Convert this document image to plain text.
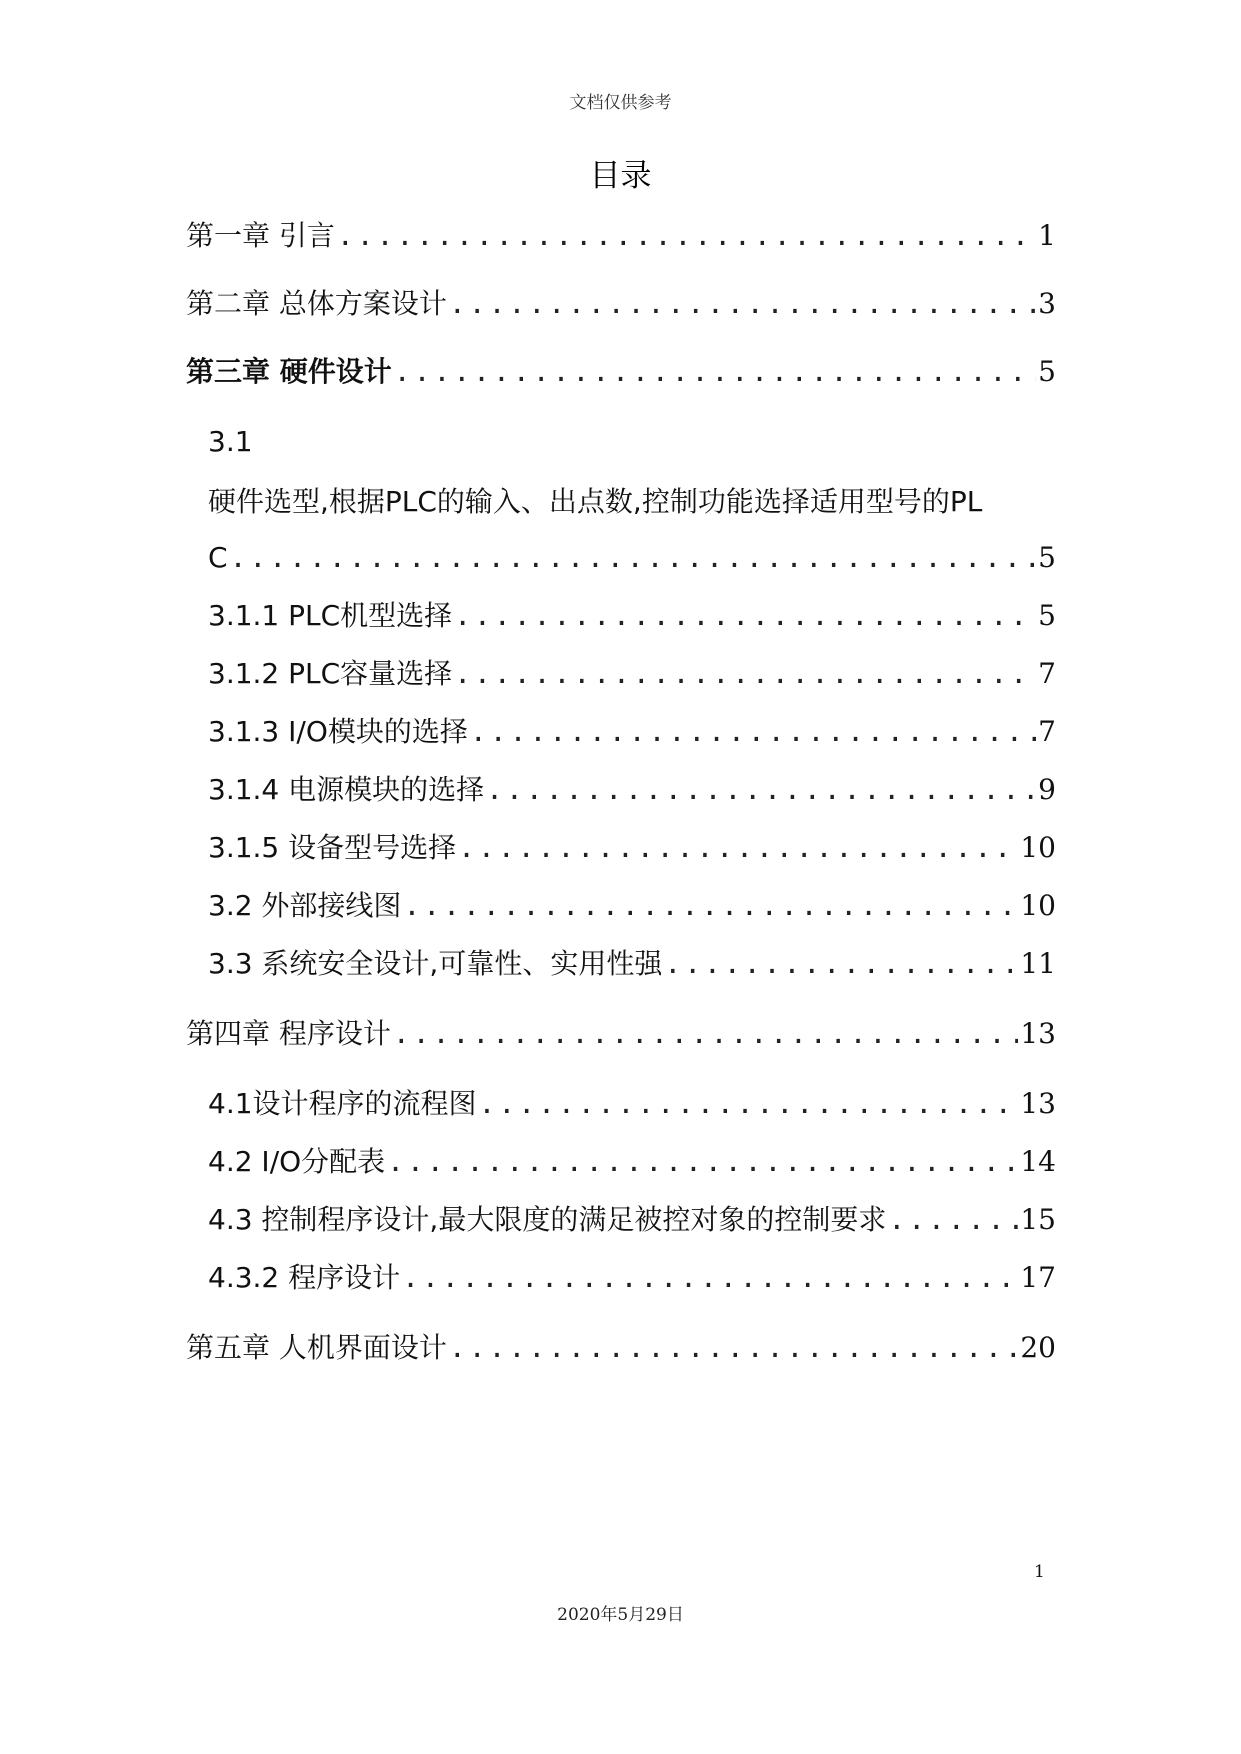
文档仅供参考
目录
第一章 引言 .....	1
第二章 总体方案设计 .....	3
第三章 硬件设计 .....	5
3.1
硬件选型,根据PLC的输入、出点数,控制功能选择适用型号的PL
C .....	5
3.1.1 PLC机型选择 .....	5
3.1.2 PLC容量选择 .....	7
3.1.3 I/O模块的选择 .....	7
3.1.4 电源模块的选择 .....	9
3.1.5 设备型号选择 .....	10
3.2 外部接线图 .....	10
3.3 系统安全设计,可靠性、实用性强 .....	11
第四章 程序设计 .....	13
4.1设计程序的流程图 .....	13
4.2 I/O分配表 .....	14
4.3 控制程序设计,最大限度的满足被控对象的控制要求 .....	15
4.3.2 程序设计 .....	17
第五章 人机界面设计 .....	20
1
2020年5月29日
